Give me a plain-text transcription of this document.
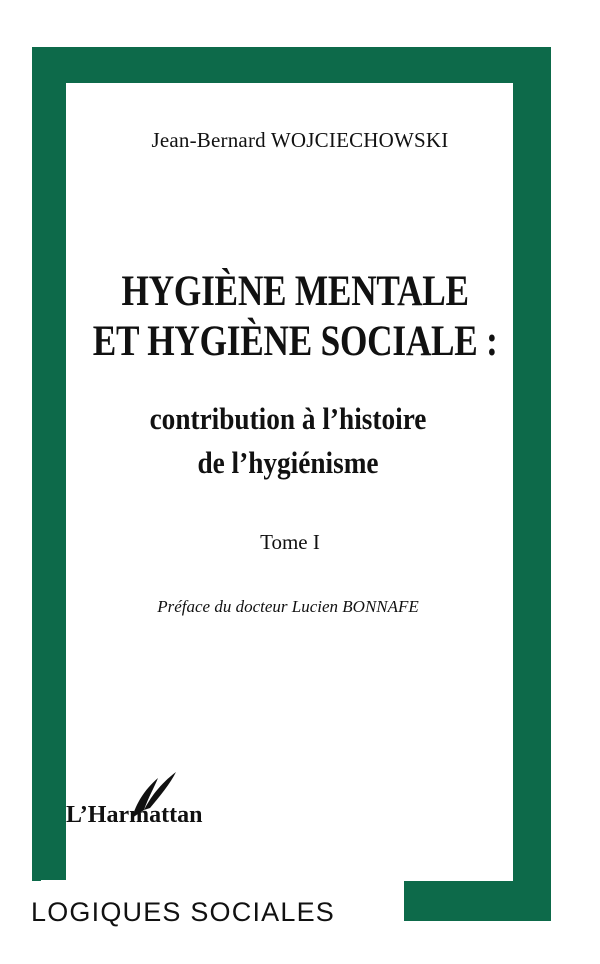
Jean-Bernard WOJCIECHOWSKI
HYGIÈNE MENTALE
ET HYGIÈNE SOCIALE :
contribution à l’histoire
de l’hygiénisme
Tome I
Préface du docteur Lucien BONNAFE
L’Harmattan
LOGIQUES SOCIALES
